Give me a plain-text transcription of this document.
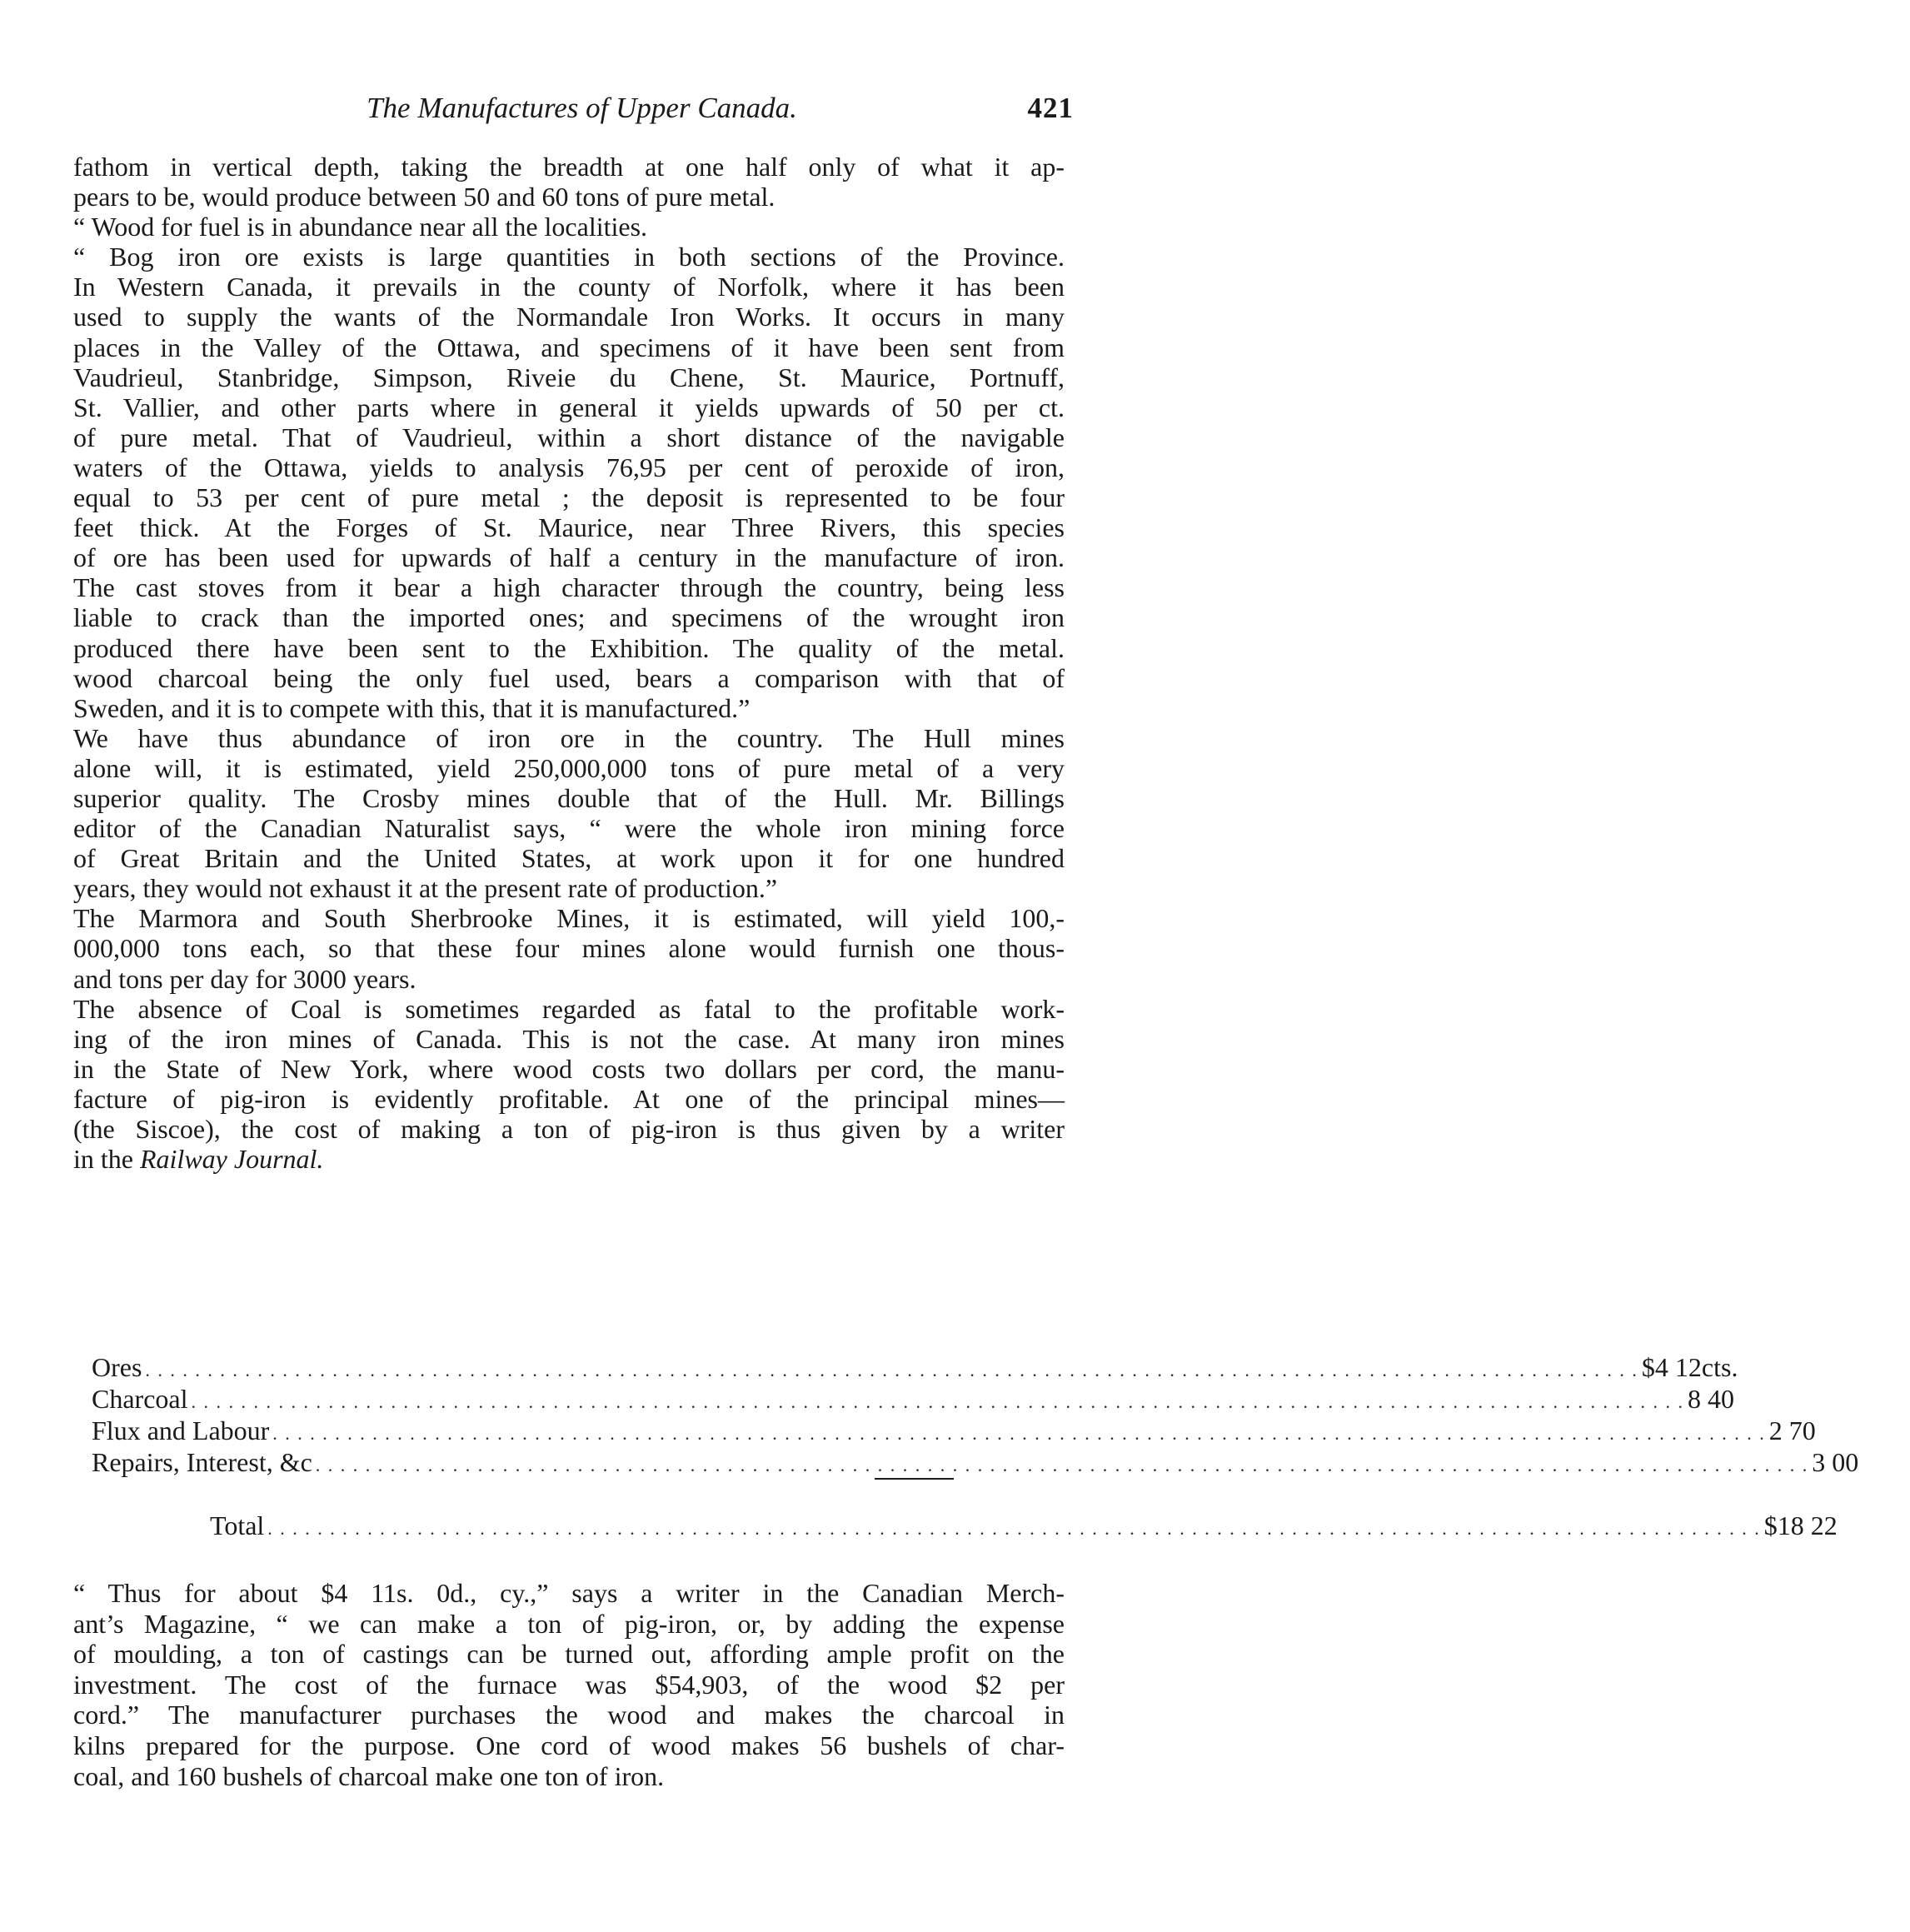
The Manufactures of Upper Canada.	421
fathom in vertical depth, taking the breadth at one half only of what it ap-
pears to be, would produce between 50 and 60 tons of pure metal.
“ Wood for fuel is in abundance near all the localities.
“ Bog iron ore exists is large quantities in both sections of the Province.
In Western Canada, it prevails in the county of Norfolk, where it has been
used to supply the wants of the Normandale Iron Works. It occurs in many
places in the Valley of the Ottawa, and specimens of it have been sent from
Vaudrieul, Stanbridge, Simpson, Riveie du Chene, St. Maurice, Portnuff,
St. Vallier, and other parts where in general it yields upwards of 50 per ct.
of pure metal. That of Vaudrieul, within a short distance of the navigable
waters of the Ottawa, yields to analysis 76,95 per cent of peroxide of iron,
equal to 53 per cent of pure metal ; the deposit is represented to be four
feet thick. At the Forges of St. Maurice, near Three Rivers, this species
of ore has been used for upwards of half a century in the manufacture of iron.
The cast stoves from it bear a high character through the country, being less
liable to crack than the imported ones; and specimens of the wrought iron
produced there have been sent to the Exhibition. The quality of the metal.
wood charcoal being the only fuel used, bears a comparison with that of
Sweden, and it is to compete with this, that it is manufactured.”
We have thus abundance of iron ore in the country. The Hull mines
alone will, it is estimated, yield 250,000,000 tons of pure metal of a very
superior quality. The Crosby mines double that of the Hull. Mr. Billings
editor of the Canadian Naturalist says, “ were the whole iron mining force
of Great Britain and the United States, at work upon it for one hundred
years, they would not exhaust it at the present rate of production.”
The Marmora and South Sherbrooke Mines, it is estimated, will yield 100,-
000,000 tons each, so that these four mines alone would furnish one thous-
and tons per day for 3000 years.
The absence of Coal is sometimes regarded as fatal to the profitable work-
ing of the iron mines of Canada. This is not the case. At many iron mines
in the State of New York, where wood costs two dollars per cord, the manu-
facture of pig-iron is evidently profitable. At one of the principal mines—
(the Siscoe), the cost of making a ton of pig-iron is thus given by a writer
in the Railway Journal.
Ores . . . . . . . . . . . . . . . . . . . . . . . . . . . . . . . . . . . . . . . . . . . . . . . . . . . . . . . . . . . . . . . . . . . . . . . . . . . . . . . . . . . . . . . . . . . . . . . . . . . . . . . . . . . . . . . . . . . . . . . . $4 12cts.
Charcoal . . . . . . . . . . . . . . . . . . . . . . . . . . . . . . . . . . . . . . . . . . . . . . . . . . . . . . . . . . . . . . . . . . . . . . . . . . . . . . . . . . . . . . . . . . . . . . . . . . . . . . . . . . . . . . . . . . . . . . . . 8 40
Flux and Labour . . . . . . . . . . . . . . . . . . . . . . . . . . . . . . . . . . . . . . . . . . . . . . . . . . . . . . . . . . . . . . . . . . . . . . . . . . . . . . . . . . . . . . . . . . . . . . . . . . . . . . . . . . . . . . . . . . . . . . . . 2 70
Repairs, Interest, &c . . . . . . . . . . . . . . . . . . . . . . . . . . . . . . . . . . . . . . . . . . . . . . . . . . . . . . . . . . . . . . . . . . . . . . . . . . . . . . . . . . . . . . . . . . . . . . . . . . . . . . . . . . . . . . . . . . . . . . . . 3 00
Total . . . . . . . . . . . . . . . . . . . . . . . . . . . . . . . . . . . . . . . . . . . . . . . . . . . . . . . . . . . . . . . . . . . . . . . . . . . . . . . . . . . . . . . . . . . . . . . . . . . . . . . . . . . . . . . . . . . . . . . . $18 22
“ Thus for about $4 11s. 0d., cy.,” says a writer in the Canadian Merch-
ant’s Magazine, “ we can make a ton of pig-iron, or, by adding the expense
of moulding, a ton of castings can be turned out, affording ample profit on the
investment. The cost of the furnace was $54,903, of the wood $2 per
cord.” The manufacturer purchases the wood and makes the charcoal in
kilns prepared for the purpose. One cord of wood makes 56 bushels of char-
coal, and 160 bushels of charcoal make one ton of iron.
